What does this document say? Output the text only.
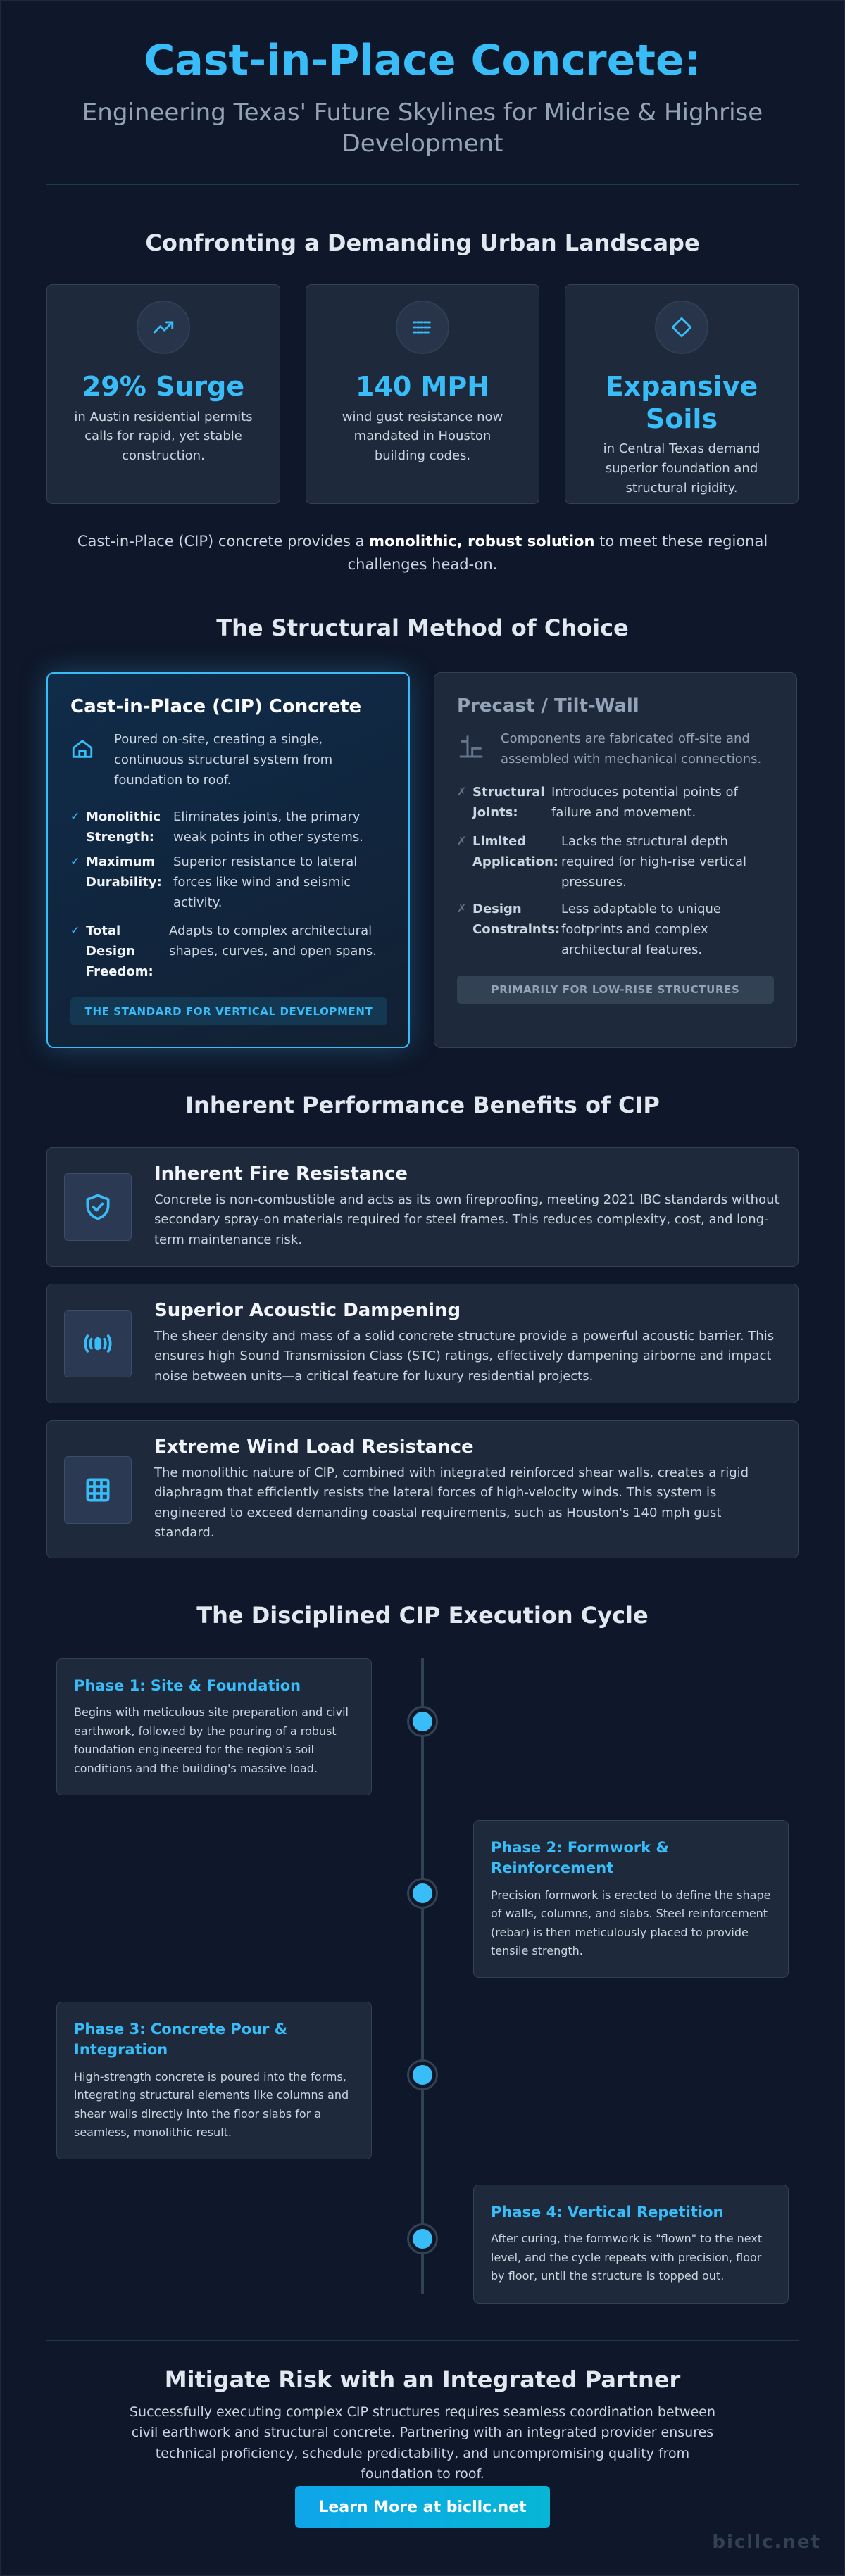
Cast-in-Place Concrete:
Engineering Texas' Future Skylines for Midrise & Highrise Development
Confronting a Demanding Urban Landscape
29% Surge
in Austin residential permits calls for rapid, yet stable construction.
140 MPH
wind gust resistance now mandated in Houston building codes.
Expansive Soils
in Central Texas demand superior foundation and structural rigidity.
Cast-in-Place (CIP) concrete provides a monolithic, robust solution to meet these regional challenges head-on.
The Structural Method of Choice
Cast-in-Place (CIP) Concrete
Poured on-site, creating a single, continuous structural system from foundation to roof.
✓ Monolithic Strength:
Eliminates joints, the primary weak points in other systems.
✓ Maximum Durability:
Superior resistance to lateral forces like wind and seismic activity.
✓ Total Design Freedom:
Adapts to complex architectural shapes, curves, and open spans.
THE STANDARD FOR VERTICAL DEVELOPMENT
Precast / Tilt-Wall
Components are fabricated off-site and assembled with mechanical connections.
✗ Structural Joints:
Introduces potential points of failure and movement.
✗ Limited Application:
Lacks the structural depth required for high-rise vertical pressures.
✗ Design Constraints:
Less adaptable to unique footprints and complex architectural features.
PRIMARILY FOR LOW-RISE STRUCTURES
Inherent Performance Benefits of CIP
Inherent Fire Resistance
Concrete is non-combustible and acts as its own fireproofing, meeting 2021 IBC standards without secondary spray-on materials required for steel frames. This reduces complexity, cost, and long-term maintenance risk.
Superior Acoustic Dampening
The sheer density and mass of a solid concrete structure provide a powerful acoustic barrier. This ensures high Sound Transmission Class (STC) ratings, effectively dampening airborne and impact noise between units—a critical feature for luxury residential projects.
Extreme Wind Load Resistance
The monolithic nature of CIP, combined with integrated reinforced shear walls, creates a rigid diaphragm that efficiently resists the lateral forces of high-velocity winds. This system is engineered to exceed demanding coastal requirements, such as Houston's 140 mph gust standard.
The Disciplined CIP Execution Cycle
Phase 1: Site & Foundation
Begins with meticulous site preparation and civil earthwork, followed by the pouring of a robust foundation engineered for the region's soil conditions and the building's massive load.
Phase 2: Formwork & Reinforcement
Precision formwork is erected to define the shape of walls, columns, and slabs. Steel reinforcement (rebar) is then meticulously placed to provide tensile strength.
Phase 3: Concrete Pour & Integration
High-strength concrete is poured into the forms, integrating structural elements like columns and shear walls directly into the floor slabs for a seamless, monolithic result.
Phase 4: Vertical Repetition
After curing, the formwork is "flown" to the next level, and the cycle repeats with precision, floor by floor, until the structure is topped out.
Mitigate Risk with an Integrated Partner
Successfully executing complex CIP structures requires seamless coordination between civil earthwork and structural concrete. Partnering with an integrated provider ensures technical proficiency, schedule predictability, and uncompromising quality from foundation to roof.
Learn More at bicllc.net
bicllc.net
